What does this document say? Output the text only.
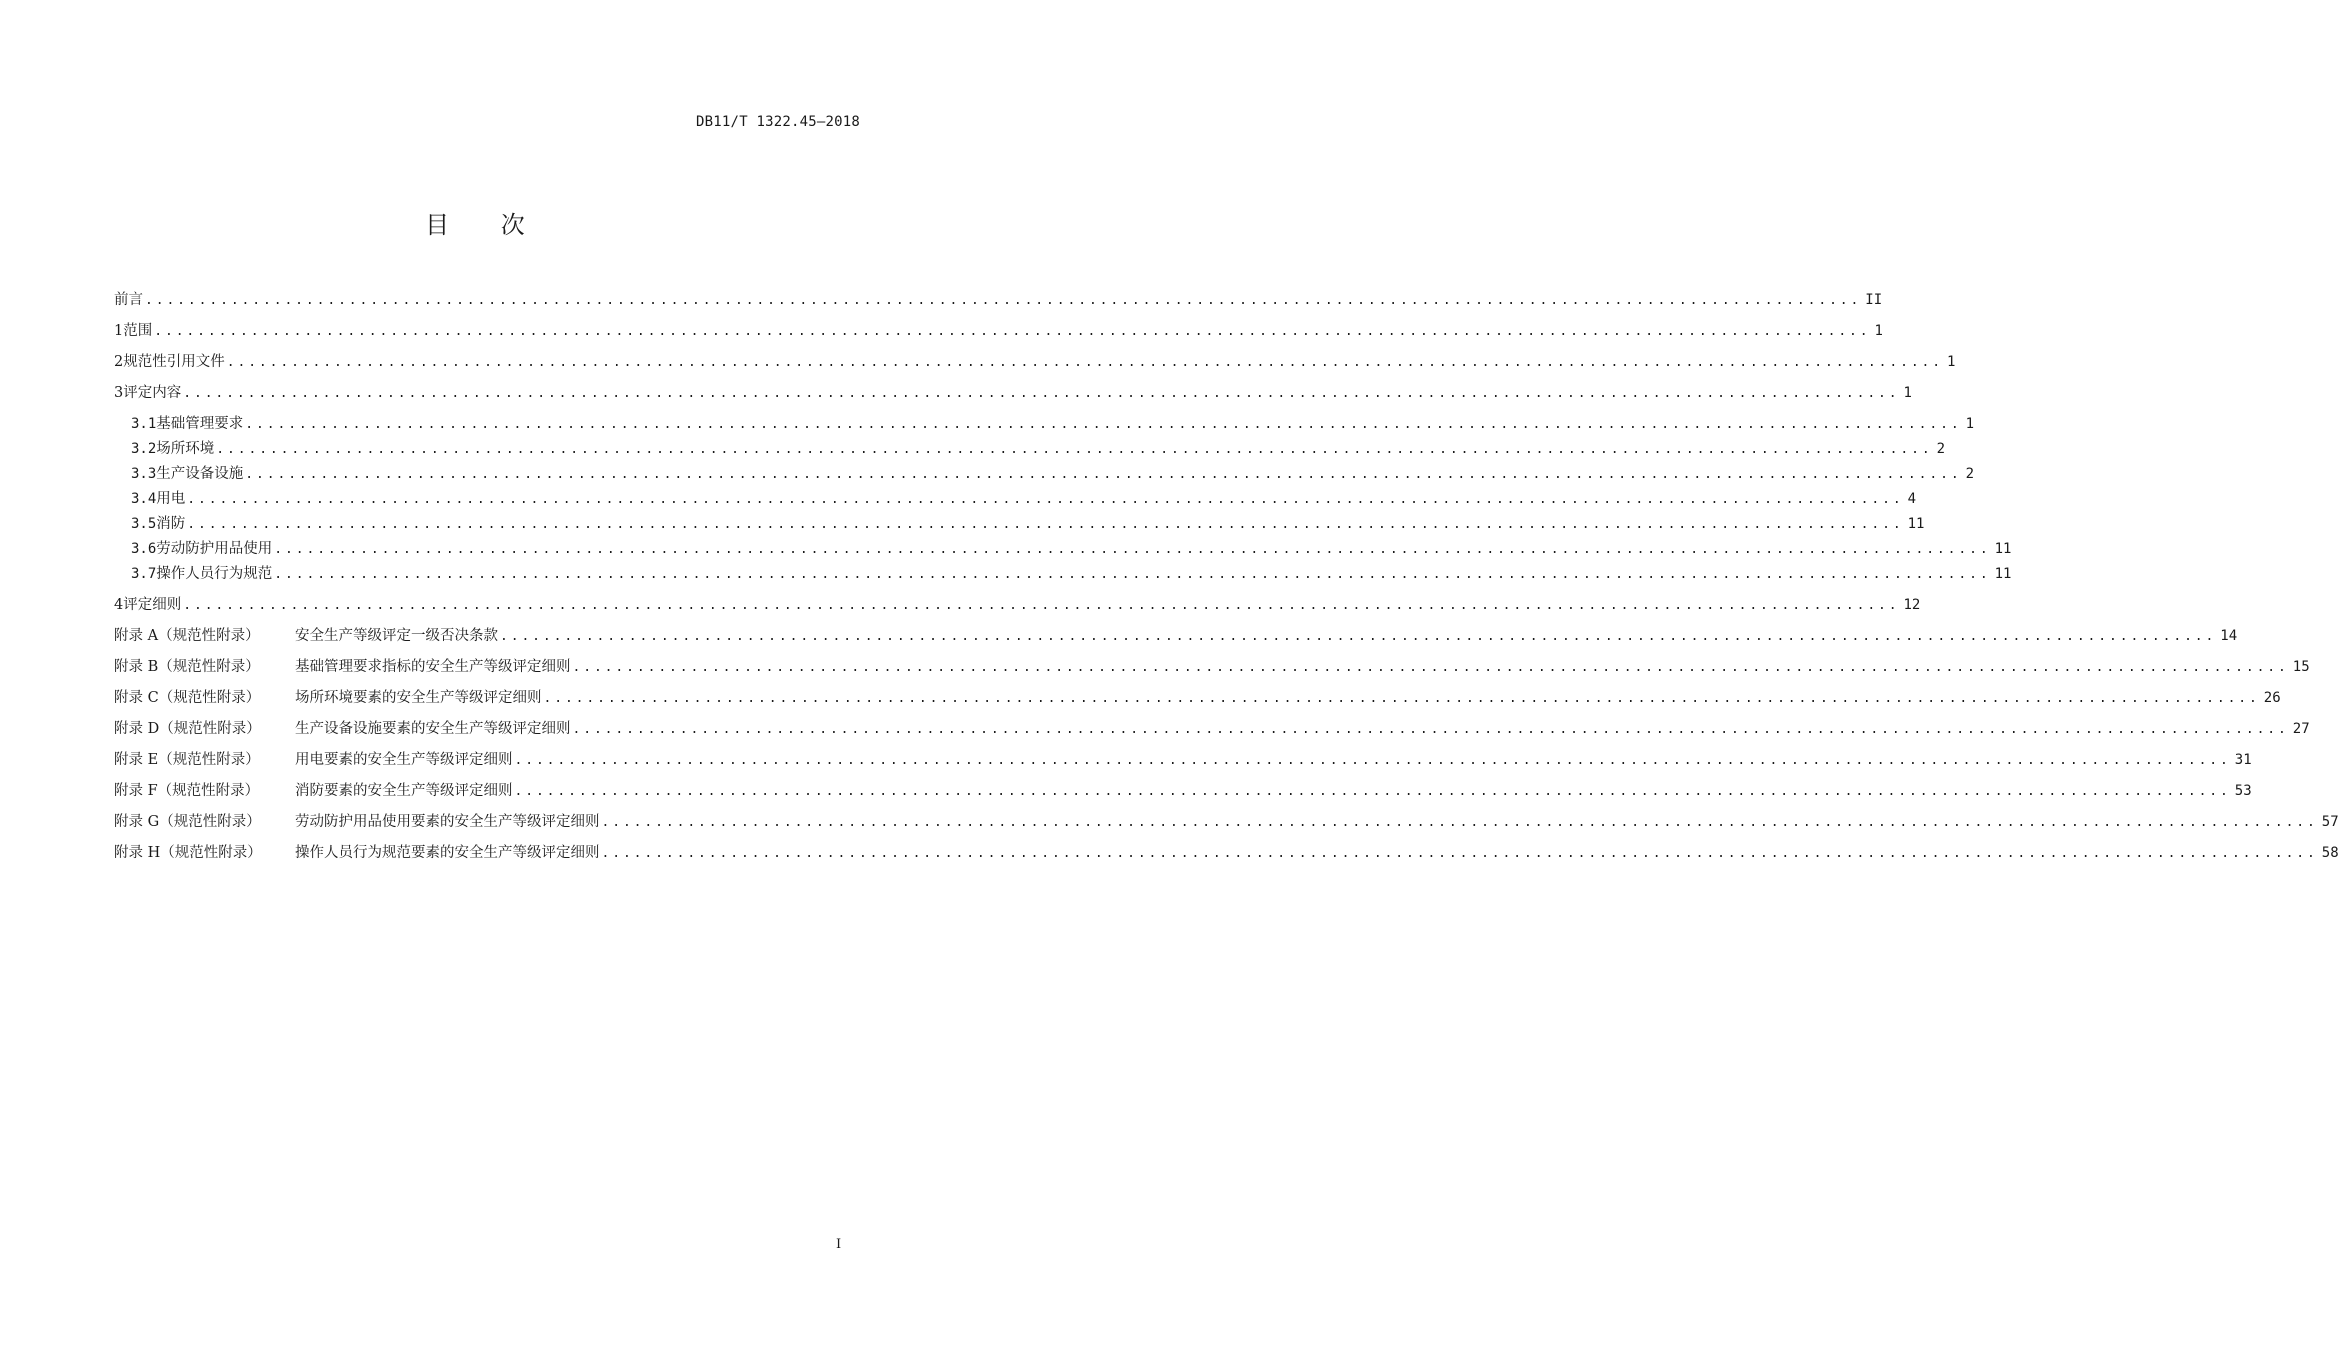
DB11/T 1322.45—2018
目 次
前言 ................................................................................................................................................................ II
1 范围 ................................................................................................................................................................ 1
2 规范性引用文件 ................................................................................................................................................................ 1
3 评定内容 ................................................................................................................................................................ 1
3.1 基础管理要求 ................................................................................................................................................................ 1
3.2 场所环境 ................................................................................................................................................................ 2
3.3 生产设备设施 ................................................................................................................................................................ 2
3.4 用电 ................................................................................................................................................................ 4
3.5 消防 ................................................................................................................................................................ 11
3.6 劳动防护用品使用 ................................................................................................................................................................ 11
3.7 操作人员行为规范 ................................................................................................................................................................ 11
4 评定细则 ................................................................................................................................................................ 12
附录 A（规范性附录）	安全生产等级评定一级否决条款 ................................................................................................................................................................ 14
附录 B（规范性附录）	基础管理要求指标的安全生产等级评定细则 ................................................................................................................................................................ 15
附录 C（规范性附录）	场所环境要素的安全生产等级评定细则 ................................................................................................................................................................ 26
附录 D（规范性附录）	生产设备设施要素的安全生产等级评定细则 ................................................................................................................................................................ 27
附录 E（规范性附录）	用电要素的安全生产等级评定细则 ................................................................................................................................................................ 31
附录 F（规范性附录）	消防要素的安全生产等级评定细则 ................................................................................................................................................................ 53
附录 G（规范性附录）	劳动防护用品使用要素的安全生产等级评定细则 ................................................................................................................................................................ 57
附录 H（规范性附录）	操作人员行为规范要素的安全生产等级评定细则 ................................................................................................................................................................ 58
I
